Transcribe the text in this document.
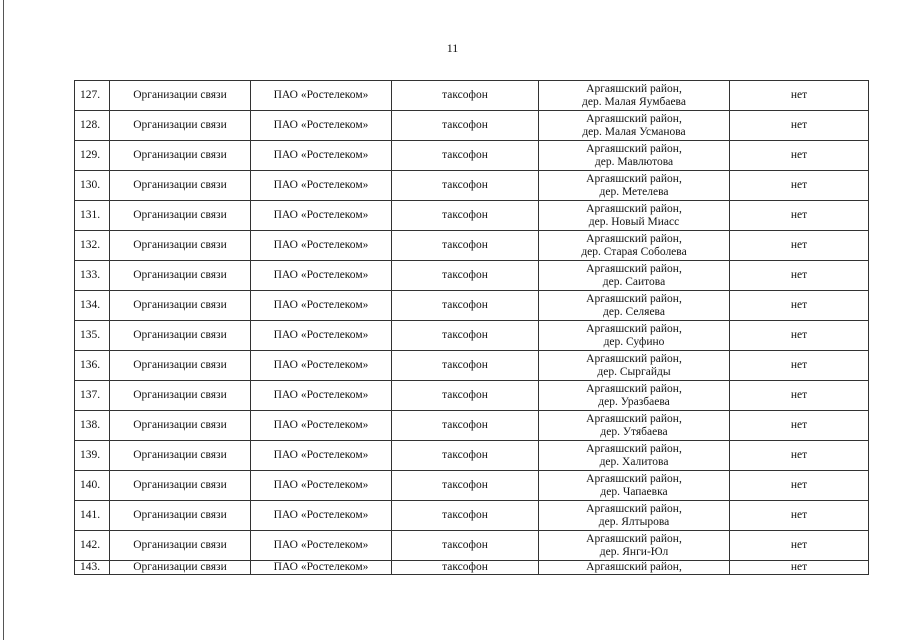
11
127.	Организации связи	ПАО «Ростелеком»	таксофон	Аргаяшский район,
дер. Малая Яумбаева	нет
128.	Организации связи	ПАО «Ростелеком»	таксофон	Аргаяшский район,
дер. Малая Усманова	нет
129.	Организации связи	ПАО «Ростелеком»	таксофон	Аргаяшский район,
дер. Мавлютова	нет
130.	Организации связи	ПАО «Ростелеком»	таксофон	Аргаяшский район,
дер. Метелева	нет
131.	Организации связи	ПАО «Ростелеком»	таксофон	Аргаяшский район,
дер. Новый Миасс	нет
132.	Организации связи	ПАО «Ростелеком»	таксофон	Аргаяшский район,
дер. Старая Соболева	нет
133.	Организации связи	ПАО «Ростелеком»	таксофон	Аргаяшский район,
дер. Саитова	нет
134.	Организации связи	ПАО «Ростелеком»	таксофон	Аргаяшский район,
дер. Селяева	нет
135.	Организации связи	ПАО «Ростелеком»	таксофон	Аргаяшский район,
дер. Суфино	нет
136.	Организации связи	ПАО «Ростелеком»	таксофон	Аргаяшский район,
дер. Сыргайды	нет
137.	Организации связи	ПАО «Ростелеком»	таксофон	Аргаяшский район,
дер. Уразбаева	нет
138.	Организации связи	ПАО «Ростелеком»	таксофон	Аргаяшский район,
дер. Утябаева	нет
139.	Организации связи	ПАО «Ростелеком»	таксофон	Аргаяшский район,
дер. Халитова	нет
140.	Организации связи	ПАО «Ростелеком»	таксофон	Аргаяшский район,
дер. Чапаевка	нет
141.	Организации связи	ПАО «Ростелеком»	таксофон	Аргаяшский район,
дер. Ялтырова	нет
142.	Организации связи	ПАО «Ростелеком»	таксофон	Аргаяшский район,
дер. Янги-Юл	нет
143.	Организации связи	ПАО «Ростелеком»	таксофон	Аргаяшский район,	нет
